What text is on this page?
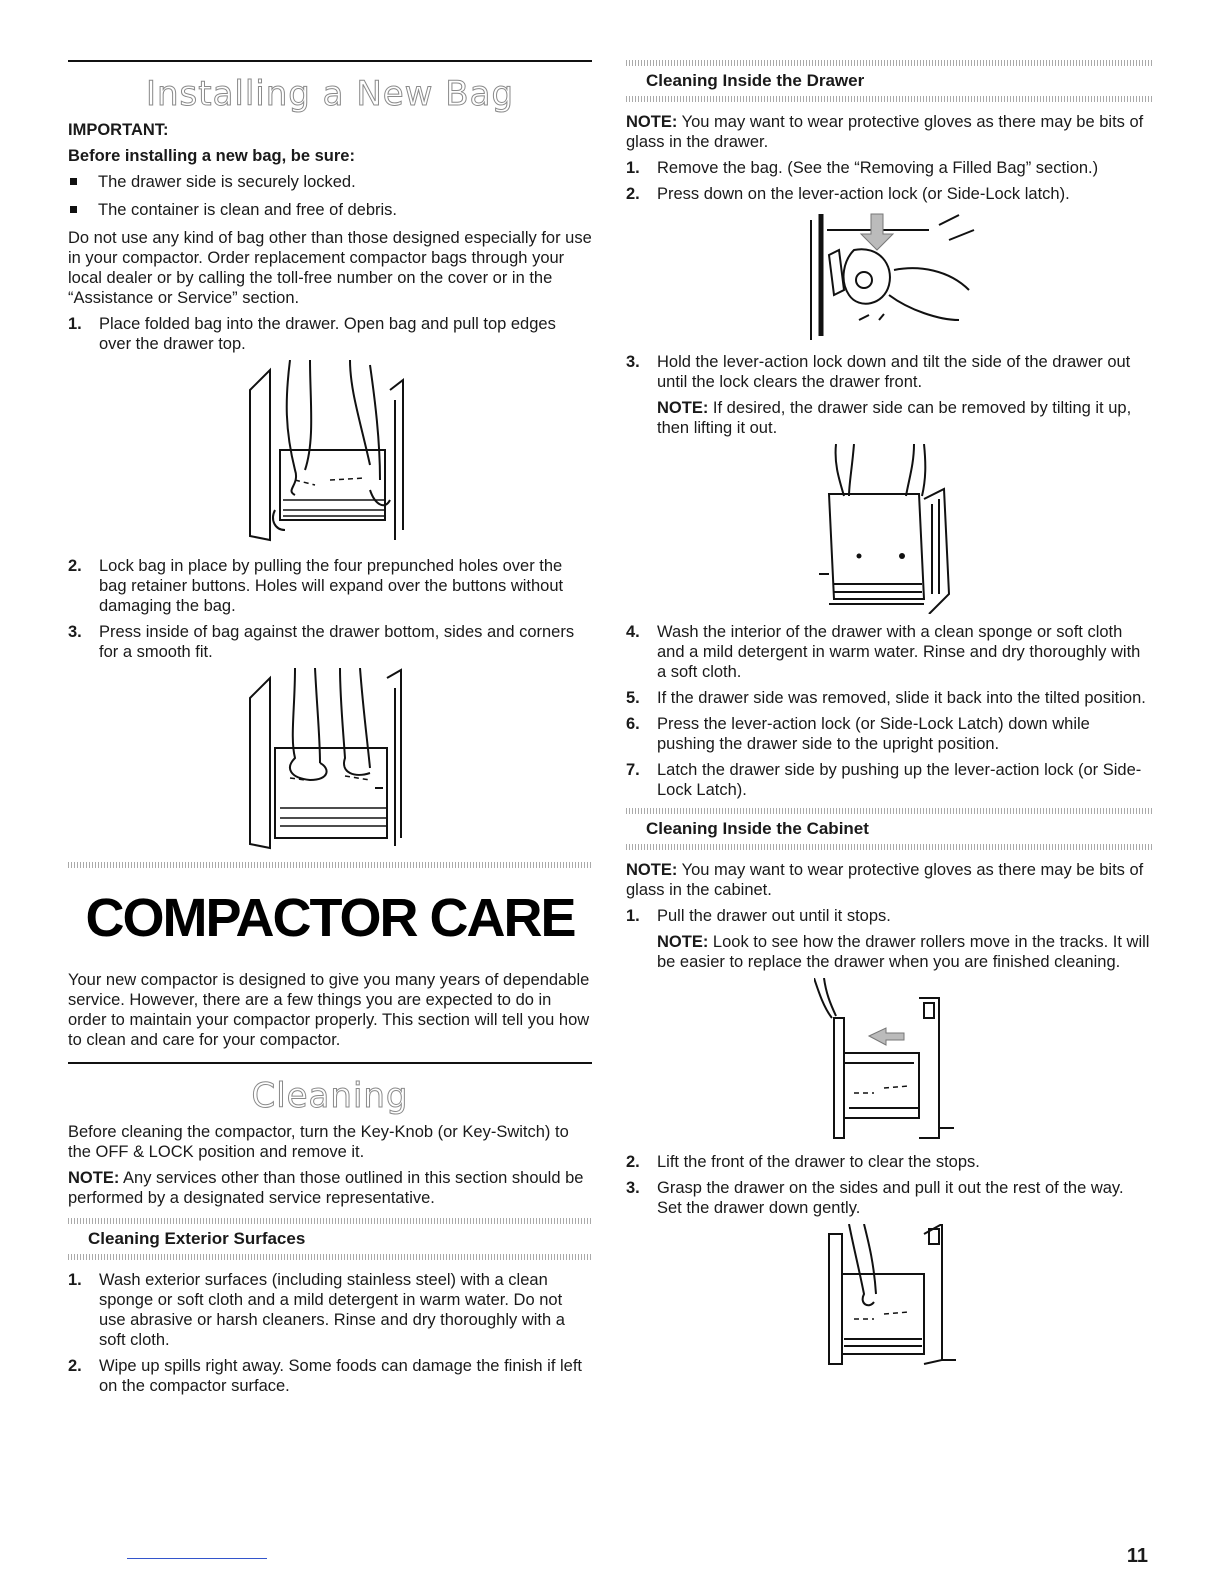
Installing a New Bag

IMPORTANT:

Before installing a new bag, be sure:

The drawer side is securely locked.
The container is clean and free of debris.

Do not use any kind of bag other than those designed especially for use in your compactor. Order replacement compactor bags through your local dealer or by calling the toll-free number on the cover or in the “Assistance or Service” section.

1. Place folded bag into the drawer. Open bag and pull top edges over the drawer top.
2. Lock bag in place by pulling the four prepunched holes over the bag retainer buttons. Holes will expand over the buttons without damaging the bag.
3. Press inside of bag against the drawer bottom, sides and corners for a smooth fit.
COMPACTOR CARE

Your new compactor is designed to give you many years of dependable service. However, there are a few things you are expected to do in order to maintain your compactor properly. This section will tell you how to clean and care for your compactor.

Cleaning

Before cleaning the compactor, turn the Key-Knob (or Key-Switch) to the OFF & LOCK position and remove it.

NOTE: Any services other than those outlined in this section should be performed by a designated service representative.

Cleaning Exterior Surfaces
1. Wash exterior surfaces (including stainless steel) with a clean sponge or soft cloth and a mild detergent in warm water. Do not use abrasive or harsh cleaners. Rinse and dry thoroughly with a soft cloth.
2. Wipe up spills right away. Some foods can damage the finish if left on the compactor surface.
Cleaning Inside the Drawer

NOTE: You may want to wear protective gloves as there may be bits of glass in the drawer.

1. Remove the bag. (See the “Removing a Filled Bag” section.)
2. Press down on the lever-action lock (or Side-Lock latch).
3. Hold the lever-action lock down and tilt the side of the drawer out until the lock clears the drawer front.

NOTE: If desired, the drawer side can be removed by tilting it up, then lifting it out.

4. Wash the interior of the drawer with a clean sponge or soft cloth and a mild detergent in warm water. Rinse and dry thoroughly with a soft cloth.
5. If the drawer side was removed, slide it back into the tilted position.
6. Press the lever-action lock (or Side-Lock Latch) down while pushing the drawer side to the upright position.
7. Latch the drawer side by pushing up the lever-action lock (or Side-Lock Latch).
Cleaning Inside the Cabinet

NOTE: You may want to wear protective gloves as there may be bits of glass in the cabinet.

1. Pull the drawer out until it stops.

NOTE: Look to see how the drawer rollers move in the tracks. It will be easier to replace the drawer when you are finished cleaning.

2. Lift the front of the drawer to clear the stops.
3. Grasp the drawer on the sides and pull it out the rest of the way. Set the drawer down gently.
11
